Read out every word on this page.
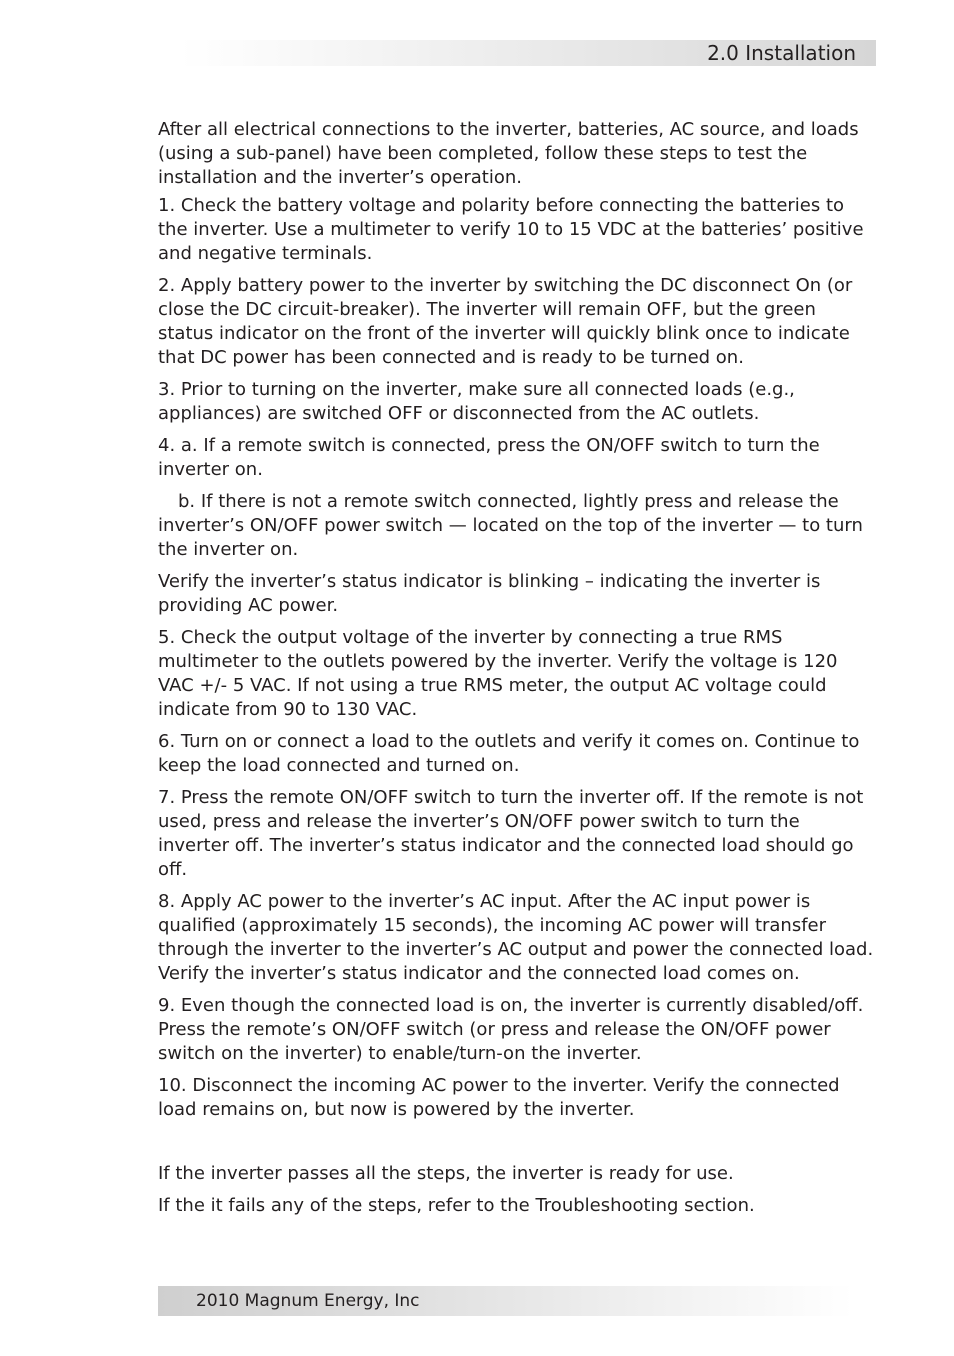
2.0 Installation

After all electrical connections to the inverter, batteries, AC source, and loads (using a sub-panel) have been completed, follow these steps to test the installation and the inverter’s operation.

1. Check the battery voltage and polarity before connecting the batteries to the inverter. Use a multimeter to verify 10 to 15 VDC at the batteries’ positive and negative terminals.

2. Apply battery power to the inverter by switching the DC disconnect On (or close the DC circuit-breaker). The inverter will remain OFF, but the green status indicator on the front of the inverter will quickly blink once to indicate that DC power has been connected and is ready to be turned on.

3. Prior to turning on the inverter, make sure all connected loads (e.g., appliances) are switched OFF or disconnected from the AC outlets.

4. a. If a remote switch is connected, press the ON/OFF switch to turn the inverter on.

b. If there is not a remote switch connected, lightly press and release the inverter’s ON/OFF power switch — located on the top of the inverter — to turn the inverter on.

Verify the inverter’s status indicator is blinking – indicating the inverter is providing AC power.

5. Check the output voltage of the inverter by connecting a true RMS multimeter to the outlets powered by the inverter. Verify the voltage is 120 VAC +/- 5 VAC. If not using a true RMS meter, the output AC voltage could indicate from 90 to 130 VAC.

6. Turn on or connect a load to the outlets and verify it comes on. Continue to keep the load connected and turned on.

7. Press the remote ON/OFF switch to turn the inverter off. If the remote is not used, press and release the inverter’s ON/OFF power switch to turn the inverter off. The inverter’s status indicator and the connected load should go off.

8. Apply AC power to the inverter’s AC input. After the AC input power is qualified (approximately 15 seconds), the incoming AC power will transfer through the inverter to the inverter’s AC output and power the connected load. Verify the inverter’s status indicator and the connected load comes on.

9. Even though the connected load is on, the inverter is currently disabled/off. Press the remote’s ON/OFF switch (or press and release the ON/OFF power switch on the inverter) to enable/turn-on the inverter.

10. Disconnect the incoming AC power to the inverter. Verify the connected load remains on, but now is powered by the inverter.

If the inverter passes all the steps, the inverter is ready for use.

If the it fails any of the steps, refer to the Troubleshooting section.

2010 Magnum Energy, Inc
